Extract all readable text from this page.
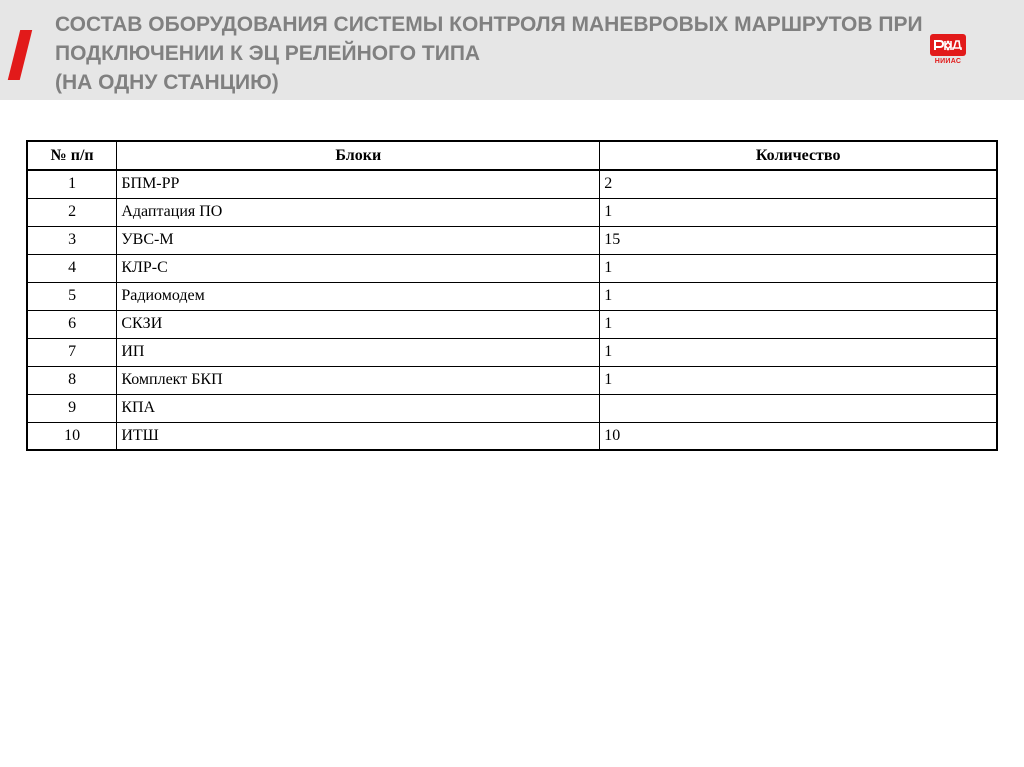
СОСТАВ ОБОРУДОВАНИЯ СИСТЕМЫ КОНТРОЛЯ МАНЕВРОВЫХ МАРШРУТОВ ПРИ
ПОДКЛЮЧЕНИИ К ЭЦ РЕЛЕЙНОГО ТИПА
(НА ОДНУ СТАНЦИЮ)
НИИАС
№ п/п	Блоки	Количество
1	БПМ-РР	2
2	Адаптация ПО	1
3	УВС-М	15
4	КЛР-С	1
5	Радиомодем	1
6	СКЗИ	1
7	ИП	1
8	Комплект БКП	1
9	КПА	
10	ИТШ	10
